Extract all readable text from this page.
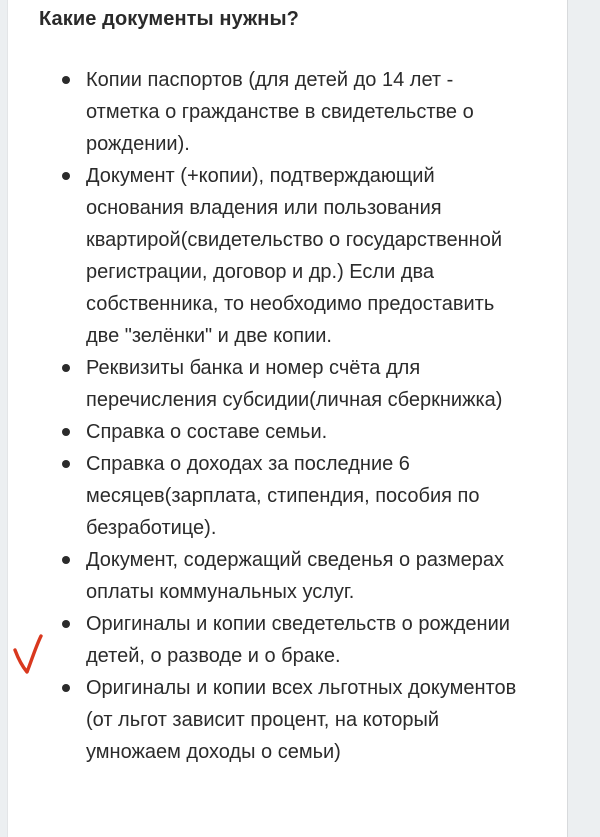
Какие документы нужны?
Копии паспортов (для детей до 14 лет - отметка о гражданстве в свидетельстве о рождении).
Документ (+копии), подтверждающий основания владения или пользования квартирой(свидетельство о государственной регистрации, договор и др.) Если два собственника, то необходимо предоставить две "зелёнки" и две копии.
Реквизиты банка и номер счёта для перечисления субсидии(личная сберкнижка)
Справка о составе семьи.
Справка о доходах за последние 6 месяцев(зарплата, стипендия, пособия по безработице).
Документ, содержащий сведенья о размерах оплаты коммунальных услуг.
Оригиналы и копии сведетельств о рождении детей, о разводе и о браке.
Оригиналы и копии всех льготных документов (от льгот зависит процент, на который умножаем доходы о семьи)
